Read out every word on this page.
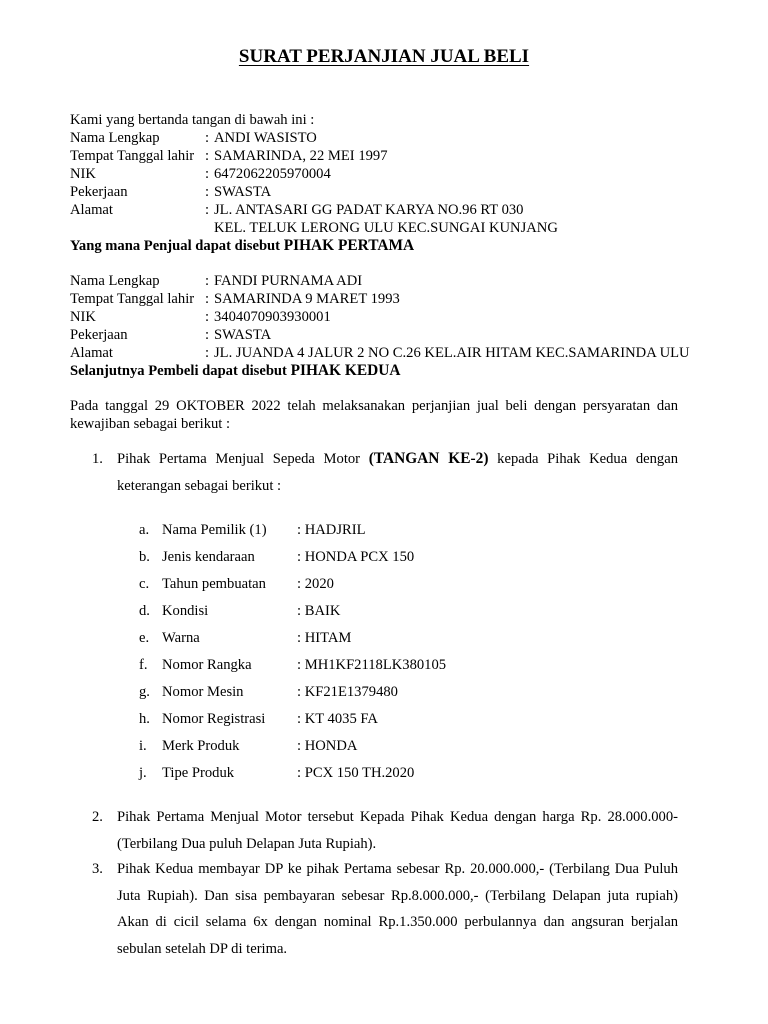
SURAT PERJANJIAN JUAL BELI
Kami yang bertanda tangan di bawah ini :
Nama Lengkap	: ANDI WASISTO
Tempat Tanggal lahir : SAMARINDA, 22 MEI 1997
NIK	: 6472062205970004
Pekerjaan	: SWASTA
Alamat	: JL. ANTASARI GG PADAT KARYA NO.96 RT 030
KEL. TELUK LERONG ULU KEC.SUNGAI KUNJANG
Yang mana Penjual dapat disebut PIHAK PERTAMA
Nama Lengkap	: FANDI PURNAMA ADI
Tempat Tanggal lahir : SAMARINDA 9 MARET 1993
NIK	: 3404070903930001
Pekerjaan	: SWASTA
Alamat	: JL. JUANDA 4 JALUR 2 NO C.26 KEL.AIR HITAM KEC.SAMARINDA ULU
Selanjutnya Pembeli dapat disebut PIHAK KEDUA
Pada tanggal 29 OKTOBER 2022 telah melaksanakan perjanjian jual beli dengan persyaratan dan kewajiban sebagai berikut :
1. Pihak Pertama Menjual Sepeda Motor (TANGAN KE-2) kepada Pihak Kedua dengan keterangan sebagai berikut :
a. Nama Pemilik (1)	:
HADJRIL
b. Jenis kendaraan	:
HONDA PCX 150
c. Tahun pembuatan	:
2020
d. Kondisi	:
BAIK
e. Warna	:
HITAM
f. Nomor Rangka	:
MH1KF2118LK380105
g. Nomor Mesin	:
KF21E1379480
h. Nomor Registrasi	:
KT 4035 FA
i.	Merk Produk	:
HONDA
j.	Tipe Produk	:
PCX 150 TH.2020
2. Pihak Pertama Menjual Motor tersebut Kepada Pihak Kedua dengan harga Rp. 28.000.000- (Terbilang Dua puluh Delapan Juta Rupiah).
3. Pihak Kedua membayar DP ke pihak Pertama sebesar Rp. 20.000.000,- (Terbilang Dua Puluh Juta Rupiah). Dan sisa pembayaran sebesar Rp.8.000.000,- (Terbilang Delapan juta rupiah) Akan di cicil selama 6x dengan nominal Rp.1.350.000 perbulannya dan angsuran berjalan sebulan setelah DP di terima.
